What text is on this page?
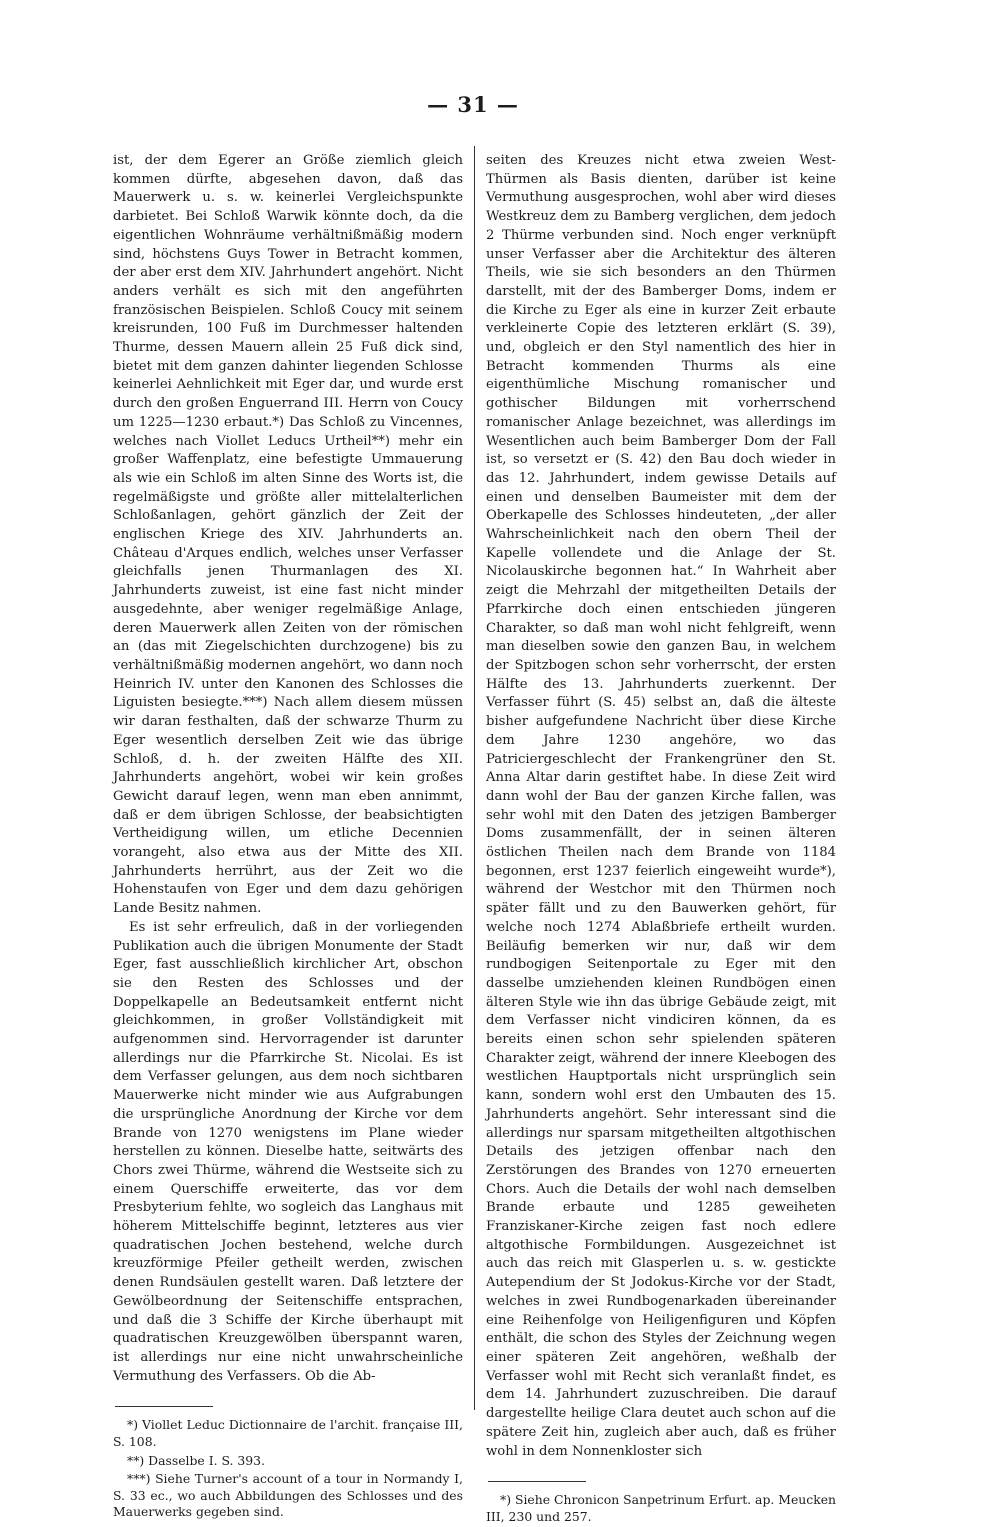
— 31 —

ist, der dem Egerer an Größe ziemlich gleich kommen dürfte, abgesehen davon, daß das Mauerwerk u. s. w. keinerlei Vergleichspunkte darbietet. Bei Schloß Warwik könnte doch, da die eigentlichen Wohnräume verhältnißmäßig modern sind, höchstens Guys Tower in Betracht kommen, der aber erst dem XIV. Jahrhundert angehört. Nicht anders verhält es sich mit den angeführten französischen Beispielen. Schloß Coucy mit seinem kreisrunden, 100 Fuß im Durchmesser haltenden Thurme, dessen Mauern allein 25 Fuß dick sind, bietet mit dem ganzen dahinter liegenden Schlosse keinerlei Aehnlichkeit mit Eger dar, und wurde erst durch den großen Enguerrand III. Herrn von Coucy um 1225—1230 erbaut.*) Das Schloß zu Vincennes, welches nach Viollet Leducs Urtheil**) mehr ein großer Waffenplatz, eine befestigte Ummauerung als wie ein Schloß im alten Sinne des Worts ist, die regelmäßigste und größte aller mittelalterlichen Schloßanlagen, gehört gänzlich der Zeit der englischen Kriege des XIV. Jahrhunderts an. Château d'Arques endlich, welches unser Verfasser gleichfalls jenen Thurmanlagen des XI. Jahrhunderts zuweist, ist eine fast nicht minder ausgedehnte, aber weniger regelmäßige Anlage, deren Mauerwerk allen Zeiten von der römischen an (das mit Ziegelschichten durchzogene) bis zu verhältnißmäßig modernen angehört, wo dann noch Heinrich IV. unter den Kanonen des Schlosses die Liguisten besiegte.***) Nach allem diesem müssen wir daran festhalten, daß der schwarze Thurm zu Eger wesentlich derselben Zeit wie das übrige Schloß, d. h. der zweiten Hälfte des XII. Jahrhunderts angehört, wobei wir kein großes Gewicht darauf legen, wenn man eben annimmt, daß er dem übrigen Schlosse, der beabsichtigten Vertheidigung willen, um etliche Decennien vorangeht, also etwa aus der Mitte des XII. Jahrhunderts herrührt, aus der Zeit wo die Hohenstaufen von Eger und dem dazu gehörigen Lande Besitz nahmen.

Es ist sehr erfreulich, daß in der vorliegenden Publikation auch die übrigen Monumente der Stadt Eger, fast ausschließlich kirchlicher Art, obschon sie den Resten des Schlosses und der Doppelkapelle an Bedeutsamkeit entfernt nicht gleichkommen, in großer Vollständigkeit mit aufgenommen sind. Hervorragender ist darunter allerdings nur die Pfarrkirche St. Nicolai. Es ist dem Verfasser gelungen, aus dem noch sichtbaren Mauerwerke nicht minder wie aus Aufgrabungen die ursprüngliche Anordnung der Kirche vor dem Brande von 1270 wenigstens im Plane wieder herstellen zu können. Dieselbe hatte, seitwärts des Chors zwei Thürme, während die Westseite sich zu einem Querschiffe erweiterte, das vor dem Presbyterium fehlte, wo sogleich das Langhaus mit höherem Mittelschiffe beginnt, letzteres aus vier quadratischen Jochen bestehend, welche durch kreuzförmige Pfeiler getheilt werden, zwischen denen Rundsäulen gestellt waren. Daß letztere der Gewölbeordnung der Seitenschiffe entsprachen, und daß die 3 Schiffe der Kirche überhaupt mit quadratischen Kreuzgewölben überspannt waren, ist allerdings nur eine nicht unwahrscheinliche Vermuthung des Verfassers. Ob die Ab-

*) Viollet Leduc Dictionnaire de l'archit. française III, S. 108.

**) Dasselbe I. S. 393.

***) Siehe Turner's account of a tour in Normandy I, S. 33 ec., wo auch Abbildungen des Schlosses und des Mauerwerks gegeben sind.

seiten des Kreuzes nicht etwa zweien West-Thürmen als Basis dienten, darüber ist keine Vermuthung ausgesprochen, wohl aber wird dieses Westkreuz dem zu Bamberg verglichen, dem jedoch 2 Thürme verbunden sind. Noch enger verknüpft unser Verfasser aber die Architektur des älteren Theils, wie sie sich besonders an den Thürmen darstellt, mit der des Bamberger Doms, indem er die Kirche zu Eger als eine in kurzer Zeit erbaute verkleinerte Copie des letzteren erklärt (S. 39), und, obgleich er den Styl namentlich des hier in Betracht kommenden Thurms als eine eigenthümliche Mischung romanischer und gothischer Bildungen mit vorherrschend romanischer Anlage bezeichnet, was allerdings im Wesentlichen auch beim Bamberger Dom der Fall ist, so versetzt er (S. 42) den Bau doch wieder in das 12. Jahrhundert, indem gewisse Details auf einen und denselben Baumeister mit dem der Oberkapelle des Schlosses hindeuteten, „der aller Wahrscheinlichkeit nach den obern Theil der Kapelle vollendete und die Anlage der St. Nicolauskirche begonnen hat.“ In Wahrheit aber zeigt die Mehrzahl der mitgetheilten Details der Pfarrkirche doch einen entschieden jüngeren Charakter, so daß man wohl nicht fehlgreift, wenn man dieselben sowie den ganzen Bau, in welchem der Spitzbogen schon sehr vorherrscht, der ersten Hälfte des 13. Jahrhunderts zuerkennt. Der Verfasser führt (S. 45) selbst an, daß die älteste bisher aufgefundene Nachricht über diese Kirche dem Jahre 1230 angehöre, wo das Patriciergeschlecht der Frankengrüner den St. Anna Altar darin gestiftet habe. In diese Zeit wird dann wohl der Bau der ganzen Kirche fallen, was sehr wohl mit den Daten des jetzigen Bamberger Doms zusammenfällt, der in seinen älteren östlichen Theilen nach dem Brande von 1184 begonnen, erst 1237 feierlich eingeweiht wurde*), während der Westchor mit den Thürmen noch später fällt und zu den Bauwerken gehört, für welche noch 1274 Ablaßbriefe ertheilt wurden. Beiläufig bemerken wir nur, daß wir dem rundbogigen Seitenportale zu Eger mit den dasselbe umziehenden kleinen Rundbögen einen älteren Style wie ihn das übrige Gebäude zeigt, mit dem Verfasser nicht vindiciren können, da es bereits einen schon sehr spielenden späteren Charakter zeigt, während der innere Kleebogen des westlichen Hauptportals nicht ursprünglich sein kann, sondern wohl erst den Umbauten des 15. Jahrhunderts angehört. Sehr interessant sind die allerdings nur sparsam mitgetheilten altgothischen Details des jetzigen offenbar nach den Zerstörungen des Brandes von 1270 erneuerten Chors. Auch die Details der wohl nach demselben Brande erbaute und 1285 geweiheten Franziskaner-Kirche zeigen fast noch edlere altgothische Formbildungen. Ausgezeichnet ist auch das reich mit Glasperlen u. s. w. gestickte Autependium der St Jodokus-Kirche vor der Stadt, welches in zwei Rundbogenarkaden übereinander eine Reihenfolge von Heiligenfiguren und Köpfen enthält, die schon des Styles der Zeichnung wegen einer späteren Zeit angehören, weßhalb der Verfasser wohl mit Recht sich veranlaßt findet, es dem 14. Jahrhundert zuzuschreiben. Die darauf dargestellte heilige Clara deutet auch schon auf die spätere Zeit hin, zugleich aber auch, daß es früher wohl in dem Nonnenkloster sich

*) Siehe Chronicon Sanpetrinum Erfurt. ap. Meucken III, 230 und 257.
